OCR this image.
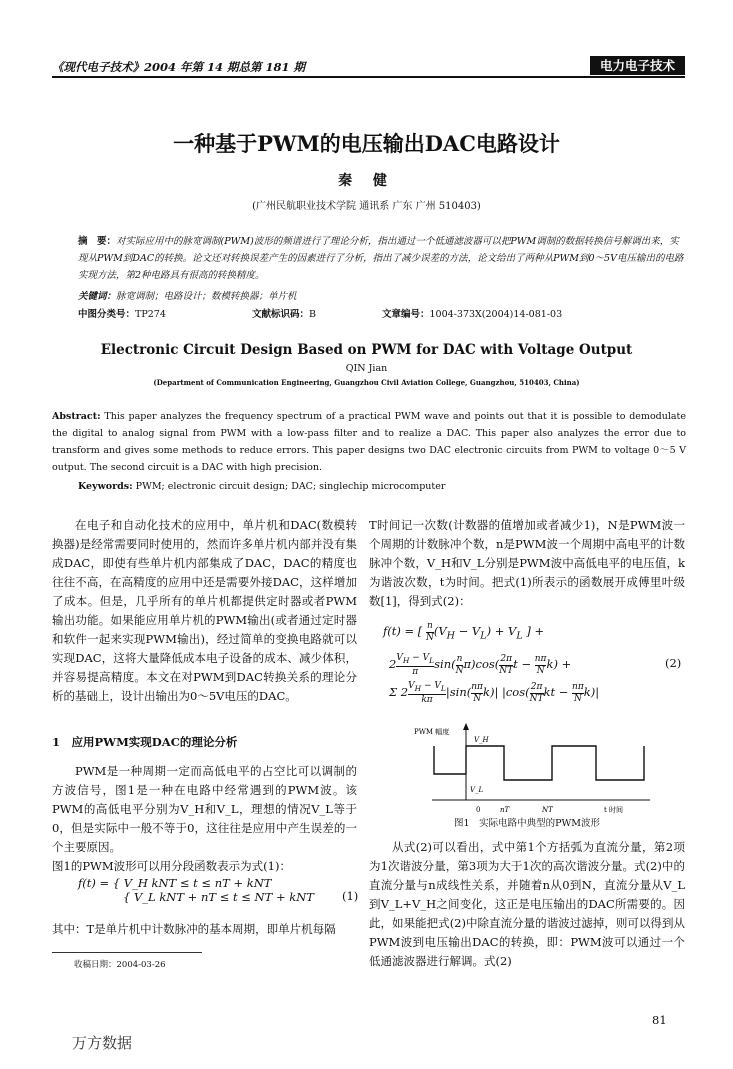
《现代电子技术》2004 年第 14 期总第 181 期	电力电子技术
一种基于PWM的电压输出DAC电路设计
秦 健
(广州民航职业技术学院 通讯系 广东 广州 510403)
摘　要：对实际应用中的脉宽调制(PWM)波形的频谱进行了理论分析，指出通过一个低通滤波器可以把PWM调制的数据转换信号解调出来，实现从PWM到DAC的转换。论文还对转换误差产生的因素进行了分析，指出了减少误差的方法，论文给出了两种从PWM到0～5V电压输出的电路实现方法，第2种电路具有很高的转换精度。
关键词：脉宽调制；电路设计；数模转换器；单片机
中图分类号：TP274	文献标识码：B	文章编号：1004-373X(2004)14-081-03
Electronic Circuit Design Based on PWM for DAC with Voltage Output
QIN Jian
(Department of Communication Engineering, Guangzhou Civil Aviation College, Guangzhou, 510403, China)
Abstract: This paper analyzes the frequency spectrum of a practical PWM wave and points out that it is possible to demodulate the digital to analog signal from PWM with a low-pass filter and to realize a DAC. This paper also analyzes the error due to transform and gives some methods to reduce errors. This paper designs two DAC electronic circuits from PWM to voltage 0～5 V output. The second circuit is a DAC with high precision.
Keywords: PWM; electronic circuit design; DAC; singlechip microcomputer
在电子和自动化技术的应用中，单片机和DAC(数模转换器)是经常需要同时使用的，然而许多单片机内部并没有集成DAC，即使有些单片机内部集成了DAC，DAC的精度也往往不高，在高精度的应用中还是需要外接DAC，这样增加了成本。但是，几乎所有的单片机都提供定时器或者PWM输出功能。如果能应用单片机的PWM输出(或者通过定时器和软件一起来实现PWM输出)，经过简单的变换电路就可以实现DAC，这将大量降低成本电子设备的成本、减少体积，并容易提高精度。本文在对PWM到DAC转换关系的理论分析的基础上，设计出输出为0～5V电压的DAC。
1　应用PWM实现DAC的理论分析
PWM是一种周期一定而高低电平的占空比可以调制的方波信号，图1是一种在电路中经常遇到的PWM波。该PWM的高低电平分别为V_H和V_L，理想的情况V_L等于0，但是实际中一般不等于0，这往往是应用中产生误差的一个主要原因。
图1的PWM波形可以用分段函数表示为式(1)：
f(t) = { V_H kNT ≤ t ≤ nT + kNT
{ V_L kNT + nT ≤ t ≤ NT + kNT (1)
其中：T是单片机中计数脉冲的基本周期，即单片机每隔
收稿日期：2004-03-26
T时间记一次数(计数器的值增加或者减少1)，N是PWM波一个周期的计数脉冲个数，n是PWM波一个周期中高电平的计数脉冲个数，V_H和V_L分别是PWM波中高低电平的电压值，k为谐波次数，t为时间。把式(1)所表示的函数展开成傅里叶级数[1]，得到式(2)：
f(t) = [ $\frac{n}{N} (V_H - V_L) + V_L$ ] +
$2 \frac{V_H - V_L}{\pi} \sin( \frac{n}{N} \pi)\cos( \frac{2\pi}{NT}$ $t - \frac{n\pi}{N} k$) +
Σ $2 \frac{V_H - V_L}{k\pi} |\sin( \frac{n\pi}{N} k)|$ $|\cos( \frac{2\pi}{NT}$ kt − $\frac{n\pi}{N} k)|$
(2)
PWM 幅度
V_H
V_L
0	nT	NT	t 时间
图1　实际电路中典型的PWM波形
从式(2)可以看出，式中第1个方括弧为直流分量，第2项为1次谐波分量，第3项为大于1次的高次谐波分量。式(2)中的直流分量与n成线性关系，并随着n从0到N，直流分量从V_L到V_L+V_H之间变化，这正是电压输出的DAC所需要的。因此，如果能把式(2)中除直流分量的谐波过滤掉，则可以得到从PWM波到电压输出DAC的转换，即：PWM波可以通过一个低通滤波器进行解调。式(2)
81
万方数据
